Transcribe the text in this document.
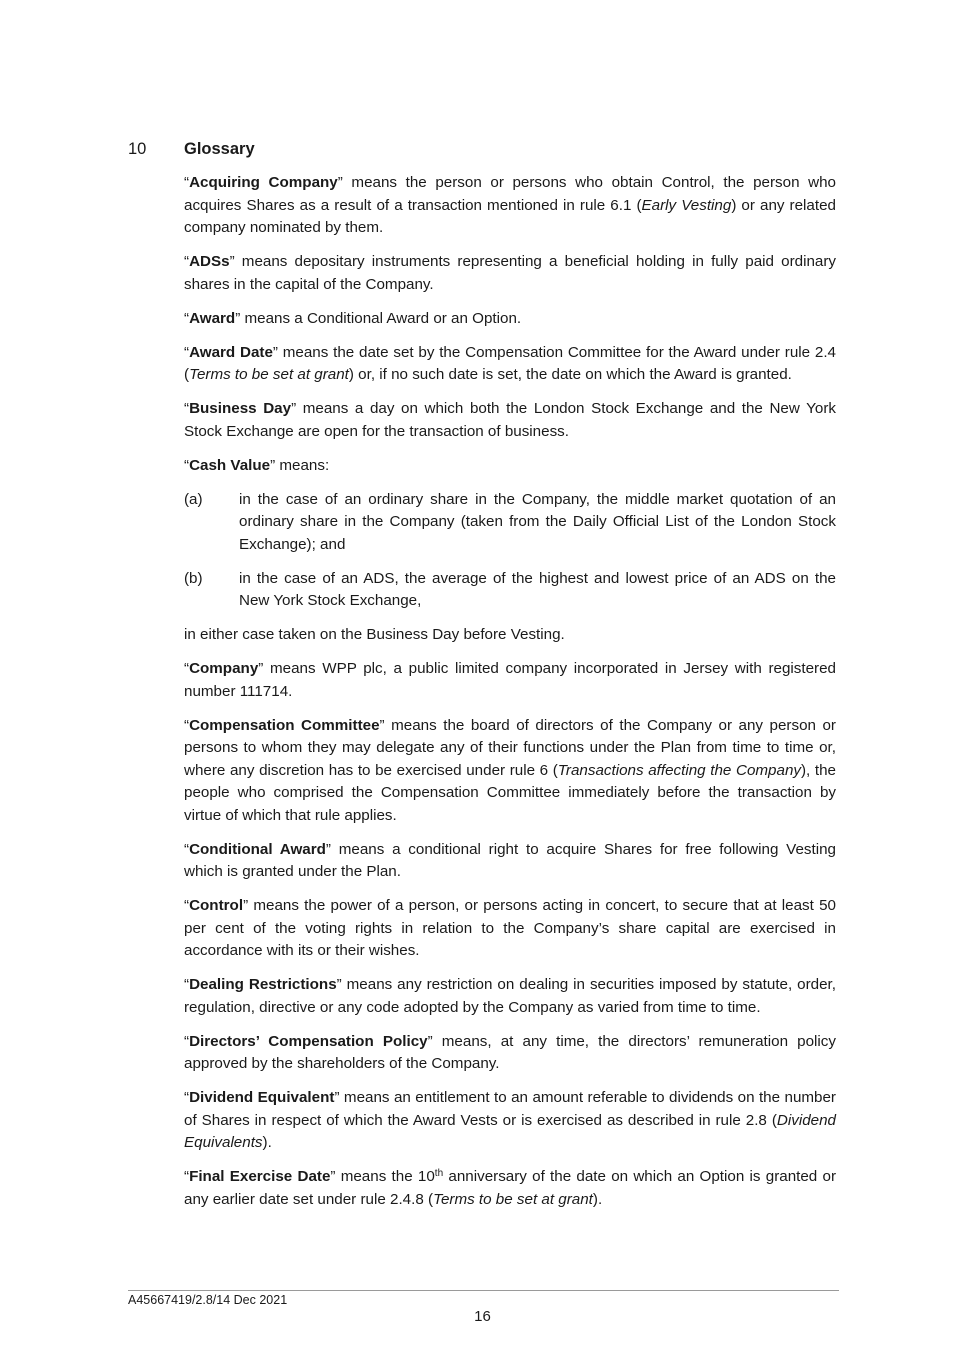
10 Glossary

“Acquiring Company” means the person or persons who obtain Control, the person who acquires Shares as a result of a transaction mentioned in rule 6.1 (Early Vesting) or any related company nominated by them.

“ADSs” means depositary instruments representing a beneficial holding in fully paid ordinary shares in the capital of the Company.

“Award” means a Conditional Award or an Option.

“Award Date” means the date set by the Compensation Committee for the Award under rule 2.4 (Terms to be set at grant) or, if no such date is set, the date on which the Award is granted.

“Business Day” means a day on which both the London Stock Exchange and the New York Stock Exchange are open for the transaction of business.

“Cash Value” means:

(a)	in the case of an ordinary share in the Company, the middle market quotation of an ordinary share in the Company (taken from the Daily Official List of the London Stock Exchange); and
(b)	in the case of an ADS, the average of the highest and lowest price of an ADS on the New York Stock Exchange,

in either case taken on the Business Day before Vesting.

“Company” means WPP plc, a public limited company incorporated in Jersey with registered number 111714.

“Compensation Committee” means the board of directors of the Company or any person or persons to whom they may delegate any of their functions under the Plan from time to time or, where any discretion has to be exercised under rule 6 (Transactions affecting the Company), the people who comprised the Compensation Committee immediately before the transaction by virtue of which that rule applies.

“Conditional Award” means a conditional right to acquire Shares for free following Vesting which is granted under the Plan.

“Control” means the power of a person, or persons acting in concert, to secure that at least 50 per cent of the voting rights in relation to the Company’s share capital are exercised in accordance with its or their wishes.

“Dealing Restrictions” means any restriction on dealing in securities imposed by statute, order, regulation, directive or any code adopted by the Company as varied from time to time.

“Directors’ Compensation Policy” means, at any time, the directors’ remuneration policy approved by the shareholders of the Company.

“Dividend Equivalent” means an entitlement to an amount referable to dividends on the number of Shares in respect of which the Award Vests or is exercised as described in rule 2.8 (Dividend Equivalents).

“Final Exercise Date” means the 10th anniversary of the date on which an Option is granted or any earlier date set under rule 2.4.8 (Terms to be set at grant).

A45667419/2.8/14 Dec 2021
16
